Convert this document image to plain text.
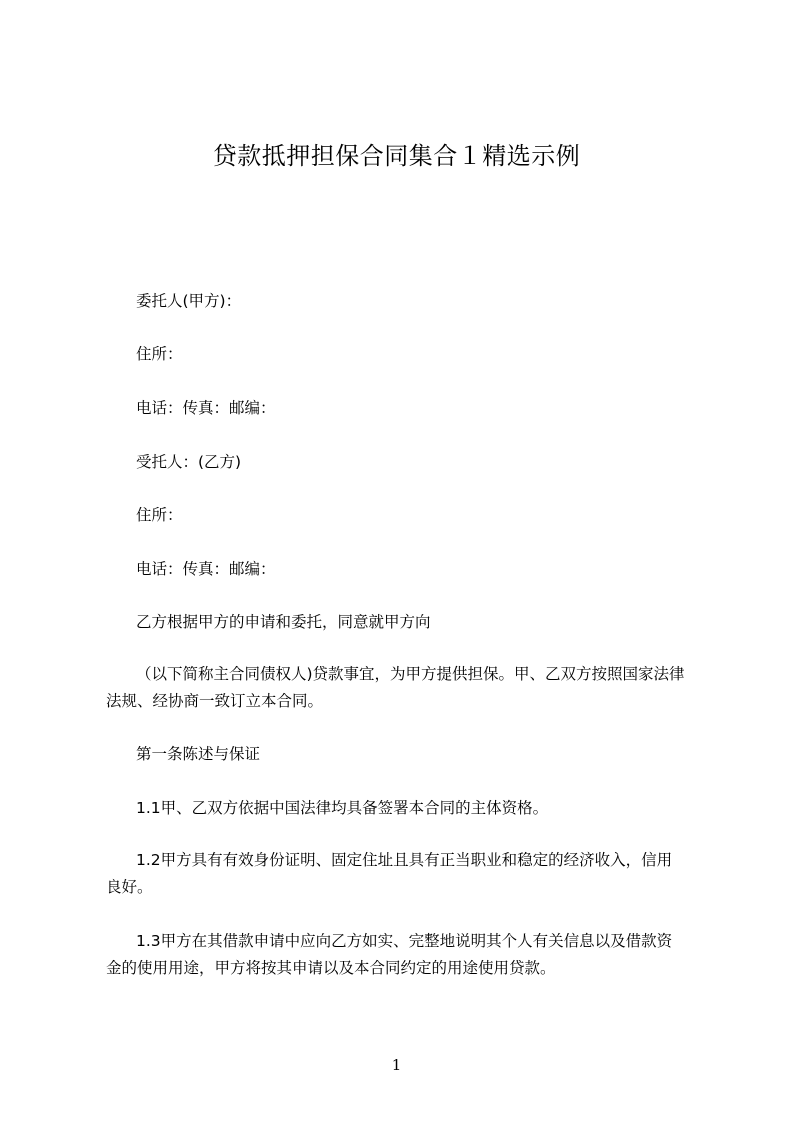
贷款抵押担保合同集合１精选示例
委托人(甲方)：
住所：
电话：传真：邮编：
受托人：(乙方)
住所：
电话：传真：邮编：
乙方根据甲方的申请和委托，同意就甲方向
（以下简称主合同债权人)贷款事宜，为甲方提供担保。甲、乙双方按照国家法律
法规、经协商一致订立本合同。
第一条陈述与保证
1.1甲、乙双方依据中国法律均具备签署本合同的主体资格。
1.2甲方具有有效身份证明、固定住址且具有正当职业和稳定的经济收入，信用
良好。
1.3甲方在其借款申请中应向乙方如实、完整地说明其个人有关信息以及借款资
金的使用用途，甲方将按其申请以及本合同约定的用途使用贷款。
1
